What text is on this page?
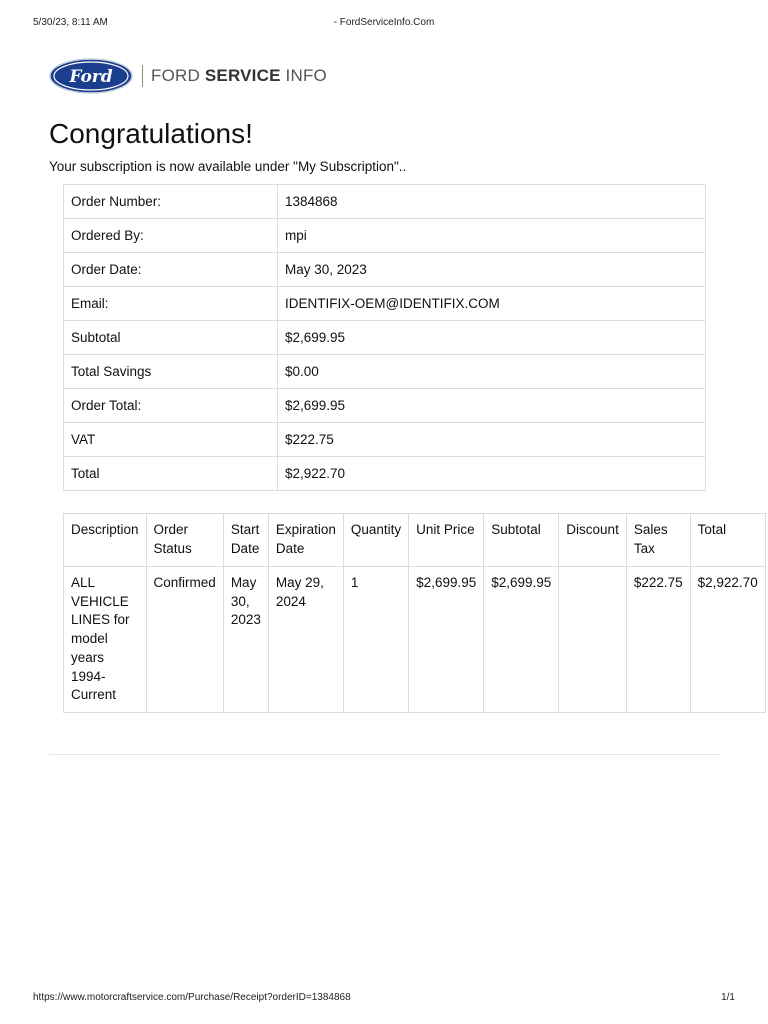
5/30/23, 8:11 AM	- FordServiceInfo.Com
Ford FORD SERVICE INFO
Congratulations!

Your subscription is now available under "My Subscription"..

Order Number:	1384868
Ordered By:	mpi
Order Date:	May 30, 2023
Email:	IDENTIFIX-OEM@IDENTIFIX.COM
Subtotal	$2,699.95
Total Savings	$0.00
Order Total:	$2,699.95
VAT	$222.75
Total	$2,922.70
Description	Order Status	Start Date	Expiration Date	Quantity	Unit Price	Subtotal	Discount	Sales Tax	Total
ALL VEHICLE LINES for model years 1994-Current	Confirmed	May 30, 2023	May 29, 2024	1	$2,699.95	$2,699.95		$222.75	$2,922.70
https://www.motorcraftservice.com/Purchase/Receipt?orderID=1384868	1/1
